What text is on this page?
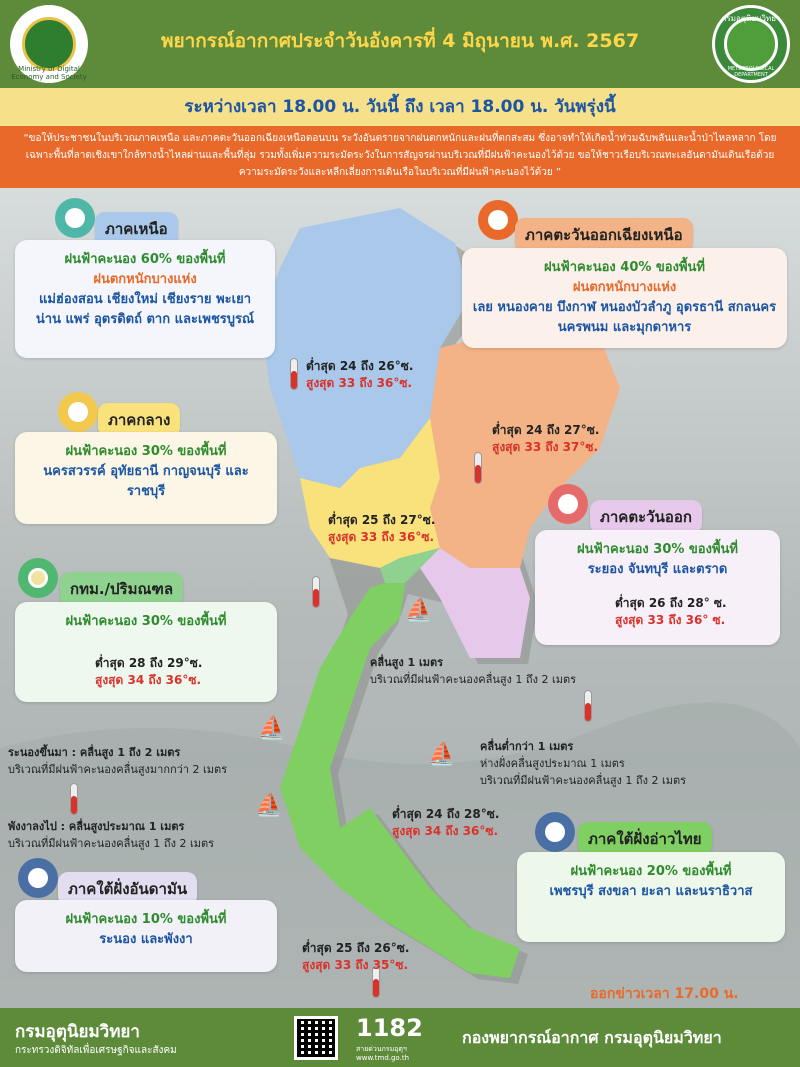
Ministry of Digital Economy and Society
พยากรณ์อากาศประจำวันอังคารที่ 4 มิถุนายน พ.ศ. 2567
กรมอุตุนิยมวิทยา
METEOROLOGICAL DEPARTMENT
ระหว่างเวลา 18.00 น. วันนี้ ถึง เวลา 18.00 น. วันพรุ่งนี้
“ขอให้ประชาชนในบริเวณภาคเหนือ และภาคตะวันออกเฉียงเหนือตอนบน ระวังอันตรายจากฝนตกหนักและฝนที่ตกสะสม ซึ่งอาจทำให้เกิดน้ำท่วมฉับพลันและน้ำป่าไหลหลาก โดยเฉพาะพื้นที่ลาดเชิงเขาใกล้ทางน้ำไหลผ่านและพื้นที่ลุ่ม รวมทั้งเพิ่มความระมัดระวังในการสัญจรผ่านบริเวณที่มีฝนฟ้าคะนองไว้ด้วย ขอให้ชาวเรือบริเวณทะเลอันดามันเดินเรือด้วยความระมัดระวังและหลีกเลี่ยงการเดินเรือในบริเวณที่มีฝนฟ้าคะนองไว้ด้วย ”
ภาคเหนือ
ฝนฟ้าคะนอง 60% ของพื้นที่
ฝนตกหนักบางแห่ง
แม่ฮ่องสอน เชียงใหม่ เชียงราย พะเยา น่าน แพร่ อุตรดิตถ์ ตาก และเพชรบูรณ์
ต่ำสุด 24 ถึง 26°ซ.
สูงสุด 33 ถึง 36°ซ.
ภาคตะวันออกเฉียงเหนือ
ฝนฟ้าคะนอง 40% ของพื้นที่
ฝนตกหนักบางแห่ง
เลย หนองคาย บึงกาฬ หนองบัวลำภู อุดรธานี สกลนคร นครพนม และมุกดาหาร
ต่ำสุด 24 ถึง 27°ซ.
สูงสุด 33 ถึง 37°ซ.
ภาคกลาง
ฝนฟ้าคะนอง 30% ของพื้นที่
นครสวรรค์ อุทัยธานี กาญจนบุรี และราชบุรี
ต่ำสุด 25 ถึง 27°ซ.
สูงสุด 33 ถึง 36°ซ.
ภาคตะวันออก
ฝนฟ้าคะนอง 30% ของพื้นที่
ระยอง จันทบุรี และตราด
ต่ำสุด 26 ถึง 28° ซ.
สูงสุด 33 ถึง 36° ซ.
กทม./ปริมณฑล
ฝนฟ้าคะนอง 30% ของพื้นที่
ต่ำสุด 28 ถึง 29°ซ.
สูงสุด 34 ถึง 36°ซ.
⛵
คลื่นสูง 1 เมตร
บริเวณที่มีฝนฟ้าคะนองคลื่นสูง 1 ถึง 2 เมตร
⛵
ระนองขึ้นมา : คลื่นสูง 1 ถึง 2 เมตร
บริเวณที่มีฝนฟ้าคะนองคลื่นสูงมากกว่า 2 เมตร
⛵ คลื่นต่ำกว่า 1 เมตร
ห่างฝั่งคลื่นสูงประมาณ 1 เมตร
บริเวณที่มีฝนฟ้าคะนองคลื่นสูง 1 ถึง 2 เมตร
⛵
พังงาลงไป : คลื่นสูงประมาณ 1 เมตร
บริเวณที่มีฝนฟ้าคะนองคลื่นสูง 1 ถึง 2 เมตร
ต่ำสุด 24 ถึง 28°ซ.
สูงสุด 34 ถึง 36°ซ.	ภาคใต้ฝั่งอ่าวไทย
ฝนฟ้าคะนอง 20% ของพื้นที่
เพชรบุรี สงขลา ยะลา และนราธิวาส
ภาคใต้ฝั่งอันดามัน
ฝนฟ้าคะนอง 10% ของพื้นที่
ระนอง และพังงา
ต่ำสุด 25 ถึง 26°ซ.
สูงสุด 33 ถึง 35°ซ.
ออกข่าวเวลา 17.00 น.
กรมอุตุนิยมวิทยา
กระทรวงดิจิทัลเพื่อเศรษฐกิจและสังคม
1182
สายด่วนกรมอุตุฯ
www.tmd.go.th
กองพยากรณ์อากาศ กรมอุตุนิยมวิทยา
